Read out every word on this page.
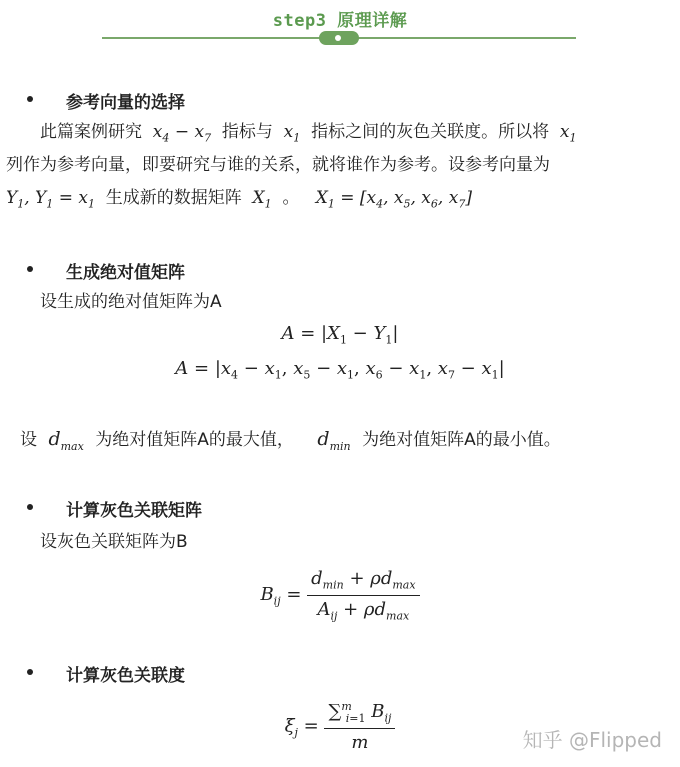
step3 原理详解
参考向量的选择
此篇案例研究  $x_4 - x_7$ 指标与  $x_1$ 指标之间的灰色关联度。所以将  $x_1$
列作为参考向量，即要研究与谁的关系，就将谁作为参考。设参考向量为
$Y_1$, $Y_1 = x_1$ 生成新的数据矩阵  $X_1$ 。   $X_1 = [x_4$, $x_5$, $x_6$, $x_7$]
生成绝对值矩阵
设生成的绝对值矩阵为A
$A = |X_1 - Y_1|$
$A = |x_4 - x_1$, $x_5 - x_1$, $x_6 - x_1$, $x_7 - x_1|$
设  $d_{max}$ 为绝对值矩阵A的最大值，    $d_{min}$ 为绝对值矩阵A的最小值。
计算灰色关联矩阵
设灰色关联矩阵为B
$B_{ij} = \frac{d_{min} + \rho d_{max}}{A_{ij} + \rho d_{max}}$
计算灰色关联度
$\xi_j = \frac{\sum^m_{i=1} B_{ij}}{m}$	知乎 @Flipped
